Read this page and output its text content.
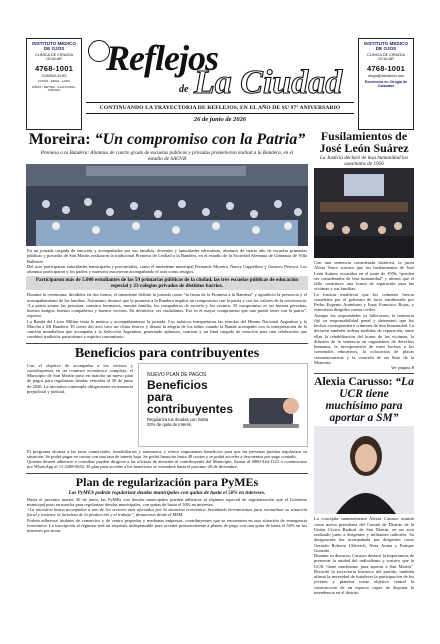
INSTITUTO MEDICO DE OJOS
CLINICA DE CIRUGIA OCULAR
4768-1001
GUARDIA 24 HS
CASOS - ERNA - LASIK
NIÑOS - RETINA - GLAUCOMA - CIRUGIA
Reflejos
de La Ciudad
CONTINUANDO LA TRAYECTORIA DE REFLEJOS, EN EL AÑO DE SU 97º ANIVERSARIO
26 de junio de 2026
INSTITUTO MEDICO DE OJOS
CLINICA DE CIRUGIA OCULAR
4768-1001
cirugia@institutomo.com
Excelencia en Cirugía de Cataratas
Moreira: “Un compromiso con la Patria”
Promesa a la Bandera: Alumnos de cuarto grado de escuelas públicas y privadas prometieron lealtad a la Bandera, en el estadio de SAGVB
En un jornada cargada de emoción y acompañados por sus familias, docentes y autoridades educativas, alumnos de cuarto año de escuelas primarias públicas y privadas de San Martín realizaron la tradicional Promesa de Lealtad a la Bandera, en el estadio de la Sociedad Alemana de Gimnasia de Villa Ballester.
Del acto participaron autoridades municipales y provinciales, como el intendente municipal Fernando Moreira, Nancy Cappelloni y Gustavo Pereyra. Los alumnos participaron y los padres y maestros estuvieron acompañando el acto como testigos.
Participaron más de 5.000 estudiantes de las 59 primarias públicas de la ciudad, las tres escuelas públicas de educación especial y 23 colegios privados de distintos barrios.
Durante la ceremonia, divididos en dos turnos, el intendente definió la jornada como “la fiesta de la Promesa a la Bandera” y agradeció la presencia y el acompañamiento de las familias. Asimismo, destacó que la promesa a la Bandera implica un compromiso con la patria y con los valores de la convivencia. “La patria somos las personas: nuestros hermanos, nuestra familia, los compañeros de escuela y los vecinos. El compromiso es ser buenas personas, buenos amigos, buenos compañeros y buenos vecinos. En definitiva, ser ciudadanos. Ese es el mayor compromiso que uno puede tener con la patria”, expresó.
La Banda del Liceo Militar tenía la música y acompañamiento la jornada. Los músicos interpretaron las estrofas del Himno Nacional Argentino y la Marcha a Mi Bandera. El cierre del acto tuvo un clima festivo y desató la alegría de los niños cuando la Banda acompañó con la interpretación de la canción mundialista que acompaña a la Selección Argentina, generando aplausos, sonrisas y un final cargado de emoción para una celebración que combinó tradición, patriotismo y espíritu comunitario.
Beneficios para contribuyentes
Con el objetivo de acompañar a los vecinos y contribuyentes en un contexto económico complejo, el Municipio de San Martín puso en marcha un nuevo plan de pagos para regularizar deudas vencidas al 30 de junio de 2026. La iniciativa contempla obligaciones en instancia prejudicial y judicial.
NUEVO PLAN DE PAGOS
Beneficios para contribuyentes
Regularizá tus deudas con hasta 20% de quita de interés.
El programa alcanza a las tasas comerciales, inmobiliarias y automotor, y ofrece importantes beneficios para que las personas puedan regularizar su situación. Se podrá pagar en cuotas con una tasa de interés baja. Se podrá financiar hasta 48 cuotas y se podrá acceder a descuentos por pago contado.
Quienes deseen adherirse o consultar pueden dirigirse a las oficinas de atención al contribuyente del Municipio, llamar al 0800-444-1123 o comunicarse por WhatsApp al 11-2288-0652. El plan para acceder a los beneficios se extenderá hasta el próximo 20 de diciembre.
Plan de regularización para PyMEs
Las PyMES podrán regularizar deudas municipales con quitas de hasta el 50% en intereses.
Hasta el próximo martes 30 de junio, las PyMEs con deudas municipales pueden adherirse al régimen especial de regularización que el Gobierno municipal puso en marcha para regularizar deudas municipales, con quitas de hasta el 50% en intereses.
“La iniciativa busca acompañar a uno de los sectores más afectados por la situación económica, brindando herramientas para normalizar su situación fiscal y sostener la fortaleza de la producción y el trabajo”, destacaron desde el MSM.
Podrán adherirse titulares de comercios y de centro pequeñas y medianas empresas, contribuyentes que se encuentren en una situación de emergencia económica. La inscripción al régimen será un requisito indispensable para acceder posteriormente a planes de pago con una quita de hasta el 50% en los intereses por mora.
Fusilamientos de José León Suárez
La Justicia declaró de lesa humanidad los asesinatos de 1956
Con una sentencia considerada histórica, la jueza Alicia Vence sostuvo que los fusilamientos de José León Suárez, ocurridos en el junio de 1956, “pueden ser considerados de lesa humanidad” y afirmó que el fallo constituye una forma de reparación para las víctimas y sus familias.
La Justicia estableció que los crímenes fueron cometidos por el gobierno de facto encabezado por Pedro Eugenio Aramburu y Isaac Francisco Rojas, y estuvieron dirigidos contra civiles.
Aunque los responsables ya fallecieron, la sentencia fijó su responsabilidad penal y determinó que los hechos corresponden a crímenes de lesa humanidad. La decisión también ordena medidas de reparación, entre ellas la rehabilitación del honor de las víctimas, la difusión de la sentencia en organismos de derechos humanos, la incorporación de estos hechos a los contenidos educativos, la colocación de placas conmemorativas y la creación de un Sitio de la Memoria.
Ver página 8
Alexia Carusso: “La UCR tiene muchísimo para aportar a SM”
La concejala sanmartinense Alexia Carusso asumió como nueva presidenta del Comité de Distrito de la Unión Cívica Radical de San Martín, en un acto realizado junto a dirigentes y militantes radicales. Su designación fue acompañada por dirigentes como Gerardo Roberto Uldovich, Nora Arana y Enrique Gonzalo.
Durante su discurso, Carusso destacó la importancia de preservar la unidad del radicalismo y sostuvo que la UCR “tiene muchísimo para aportar a San Martín”. Recordó la trayectoria histórica del partido, también afirmó la necesidad de fortalecer la participación de los jóvenes y plantear como objetivo central la construcción de un espacio capaz de disputar la intendencia en el distrito.
